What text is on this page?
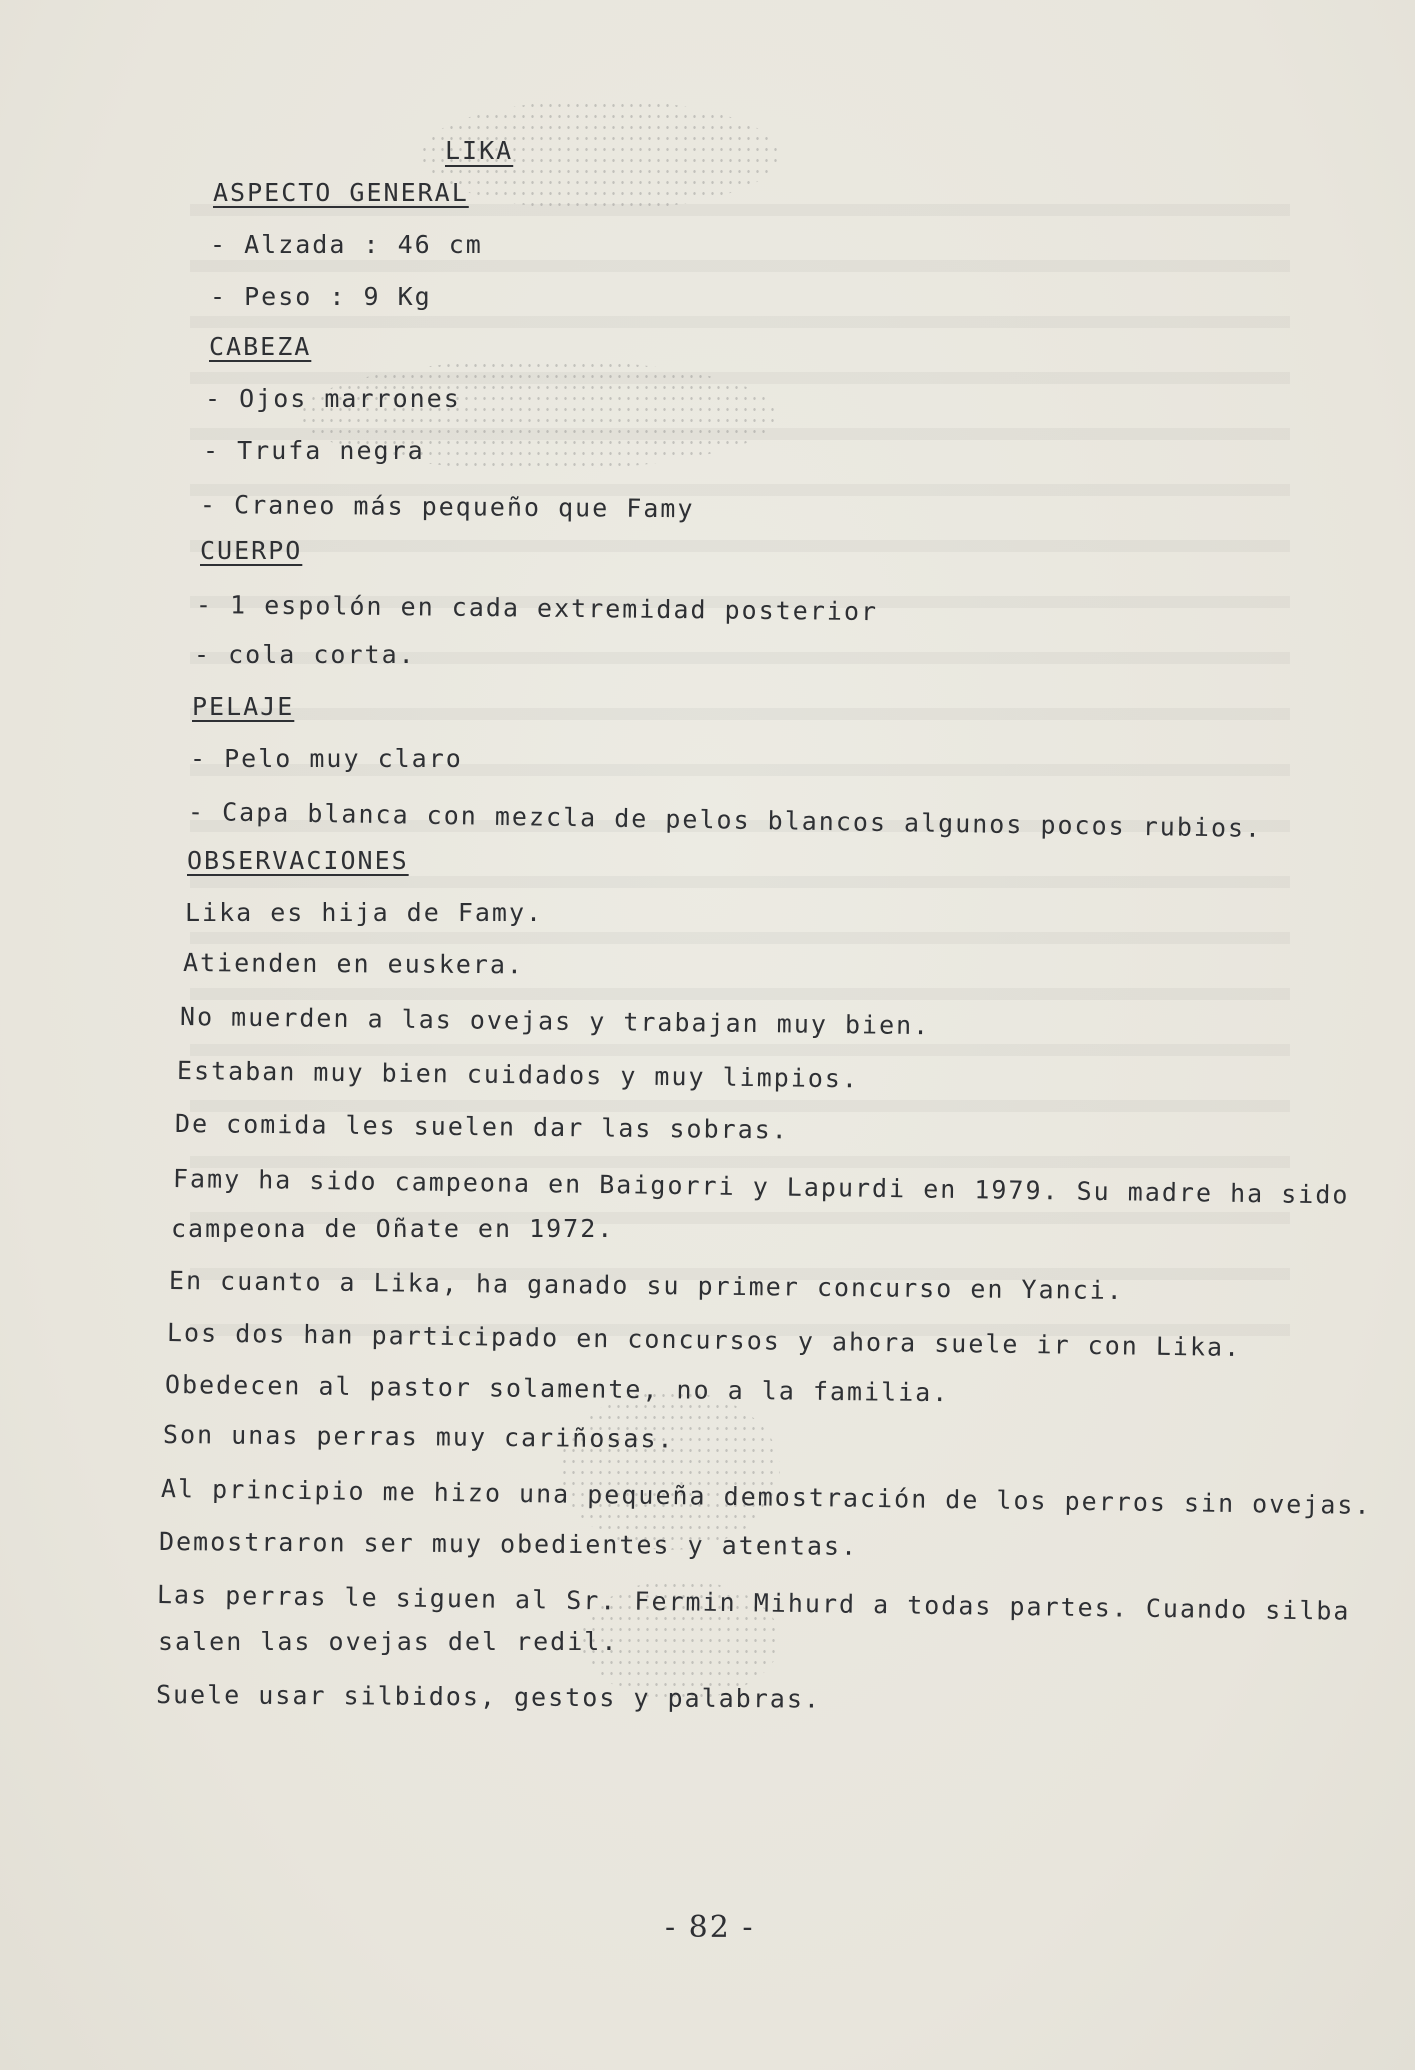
LIKA
ASPECTO GENERAL
- Alzada : 46 cm
- Peso : 9 Kg
CABEZA
- Ojos marrones
- Trufa negra
- Craneo más pequeño que Famy
CUERPO
- 1 espolón en cada extremidad posterior
- cola corta.
PELAJE
- Pelo muy claro
- Capa blanca con mezcla de pelos blancos algunos pocos rubios.
OBSERVACIONES
Lika es hija de Famy.
Atienden en euskera.
No muerden a las ovejas y trabajan muy bien.
Estaban muy bien cuidados y muy limpios.
De comida les suelen dar las sobras.
Famy ha sido campeona en Baigorri y Lapurdi en 1979. Su madre ha sido
campeona de Oñate en 1972.
En cuanto a Lika, ha ganado su primer concurso en Yanci.
Los dos han participado en concursos y ahora suele ir con Lika.
Obedecen al pastor solamente, no a la familia.
Son unas perras muy cariñosas.
Al principio me hizo una pequeña demostración de los perros sin ovejas.
Demostraron ser muy obedientes y atentas.
Las perras le siguen al Sr. Fermin Mihurd a todas partes. Cuando silba
salen las ovejas del redil.
Suele usar silbidos, gestos y palabras.
- 82 -
